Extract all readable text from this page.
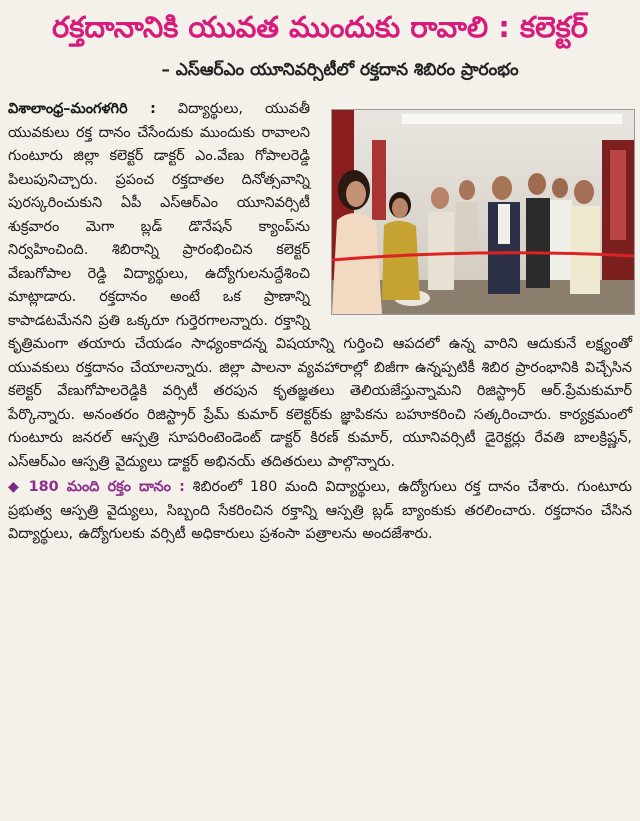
రక్తదానానికి యువత ముందుకు రావాలి : కలెక్టర్
– ఎస్‌ఆర్‌ఎం యూనివర్సిటీలో రక్తదాన శిబిరం ప్రారంభం

విశాలాంధ్ర–మంగళగిరి : విద్యార్థులు, యువతీ యువకులు రక్త దానం చేసేందుకు ముందుకు రావాలని గుంటూరు జిల్లా కలెక్టర్ డాక్టర్ ఎం.వేణు గోపాలరెడ్డి పిలుపునిచ్చారు. ప్రపంచ రక్తదాతల దినోత్సవాన్ని పురస్కరించుకుని ఏపీ ఎస్‌ఆర్‌ఎం యూనివర్సిటీ శుక్రవారం మెగా బ్లడ్ డొనేషన్ క్యాంప్‌ను నిర్వహించింది. శిబిరాన్ని ప్రారంభించిన కలెక్టర్ వేణుగోపాల రెడ్డి విద్యార్థులు, ఉద్యోగులనుద్దేశించి మాట్లాడారు. రక్తదానం అంటే ఒక ప్రాణాన్ని కాపాడటమేనని ప్రతి ఒక్కరూ గుర్తెరగాలన్నారు. రక్తాన్ని కృత్రిమంగా తయారు చేయడం సాధ్యంకాదన్న విషయాన్ని గుర్తించి ఆపదలో ఉన్న వారిని ఆదుకునే లక్ష్యంతో యువకులు రక్తదానం చేయాలన్నారు. జిల్లా పాలనా వ్యవహారాల్లో బిజీగా ఉన్నప్పటికీ శిబిర ప్రారంభానికి విచ్చేసిన కలెక్టర్ వేణుగోపాలరెడ్డికి వర్సిటీ తరపున కృతజ్ఞతలు తెలియజేస్తున్నామని రిజిస్ట్రార్ ఆర్.ప్రేమకుమార్ పేర్కొన్నారు. అనంతరం రిజిస్ట్రార్ ప్రేమ్ కుమార్ కలెక్టర్‌కు జ్ఞాపికను బహూకరించి సత్కరించారు. కార్యక్రమంలో గుంటూరు జనరల్ ఆస్పత్రి సూపరింటెండెంట్ డాక్టర్ కిరణ్ కుమార్, యూనివర్సిటీ డైరెక్టర్లు రేవతి బాలక్రిష్ణన్, ఎస్‌ఆర్‌ఎం ఆస్పత్రి వైద్యులు డాక్టర్ అభినయ్ తదితరులు పాల్గొన్నారు.

◆ 180 మంది రక్తం దానం : శిబిరంలో 180 మంది విద్యార్థులు, ఉద్యోగులు రక్త దానం చేశారు. గుంటూరు ప్రభుత్వ ఆస్పత్రి వైద్యులు, సిబ్బంది సేకరించిన రక్తాన్ని ఆస్పత్రి బ్లడ్ బ్యాంకుకు తరలించారు. రక్తదానం చేసిన విద్యార్థులు, ఉద్యోగులకు వర్సిటీ అధికారులు ప్రశంసా పత్రాలను అందజేశారు.
